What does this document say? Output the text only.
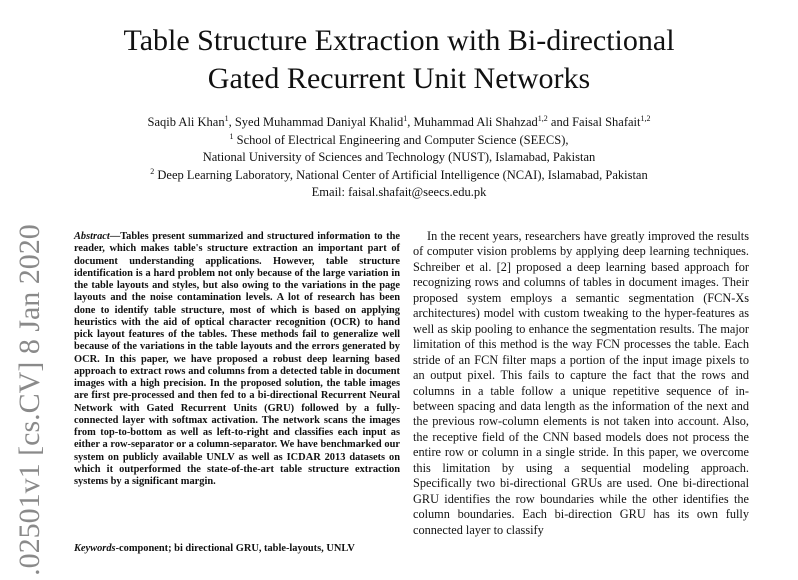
Table Structure Extraction with Bi-directional
Gated Recurrent Unit Networks
Saqib Ali Khan$^1$, Syed Muhammad Daniyal Khalid$^1$, Muhammad Ali Shahzad$^{1,2}$ and Faisal Shafait$^{1,2}$
$^1$ School of Electrical Engineering and Computer Science (SEECS),
National University of Sciences and Technology (NUST), Islamabad, Pakistan
$^2$ Deep Learning Laboratory, National Center of Artificial Intelligence (NCAI), Islamabad, Pakistan
Email: faisal.shafait@seecs.edu.pk
.02501v1 [cs.CV] 8 Jan 2020	Abstract—Tables present summarized and structured information to the reader, which makes table's structure extraction an important part of document understanding applications. However, table structure identification is a hard problem not only because of the large variation in the table layouts and styles, but also owing to the variations in the page layouts and the noise contamination levels. A lot of research has been done to identify table structure, most of which is based on applying heuristics with the aid of optical character recognition (OCR) to hand pick layout features of the tables. These methods fail to generalize well because of the variations in the table layouts and the errors generated by OCR. In this paper, we have proposed a robust deep learning based approach to extract rows and columns from a detected table in document images with a high precision. In the proposed solution, the table images are first pre-processed and then fed to a bi-directional Recurrent Neural Network with Gated Recurrent Units (GRU) followed by a fully-connected layer with softmax activation. The network scans the images from top-to-bottom as well as left-to-right and classifies each input as either a row-separator or a column-separator. We have benchmarked our system on publicly available UNLV as well as ICDAR 2013 datasets on which it outperformed the state-of-the-art table structure extraction systems by a significant margin.
Keywords-component; bi directional GRU, table-layouts, UNLV
In the recent years, researchers have greatly improved the results of computer vision problems by applying deep learning techniques. Schreiber et al. [2] proposed a deep learning based approach for recognizing rows and columns of tables in document images. Their proposed system employs a semantic segmentation (FCN-Xs architectures) model with custom tweaking to the hyper-features as well as skip pooling to enhance the segmentation results. The major limitation of this method is the way FCN processes the table. Each stride of an FCN filter maps a portion of the input image pixels to an output pixel. This fails to capture the fact that the rows and columns in a table follow a unique repetitive sequence of in-between spacing and data length as the information of the next and the previous row-column elements is not taken into account. Also, the receptive field of the CNN based models does not process the entire row or column in a single stride. In this paper, we overcome this limitation by using a sequential modeling approach. Specifically two bi-directional GRUs are used. One bi-directional GRU identifies the row boundaries while the other identifies the column boundaries. Each bi-direction GRU has its own fully connected layer to classify
